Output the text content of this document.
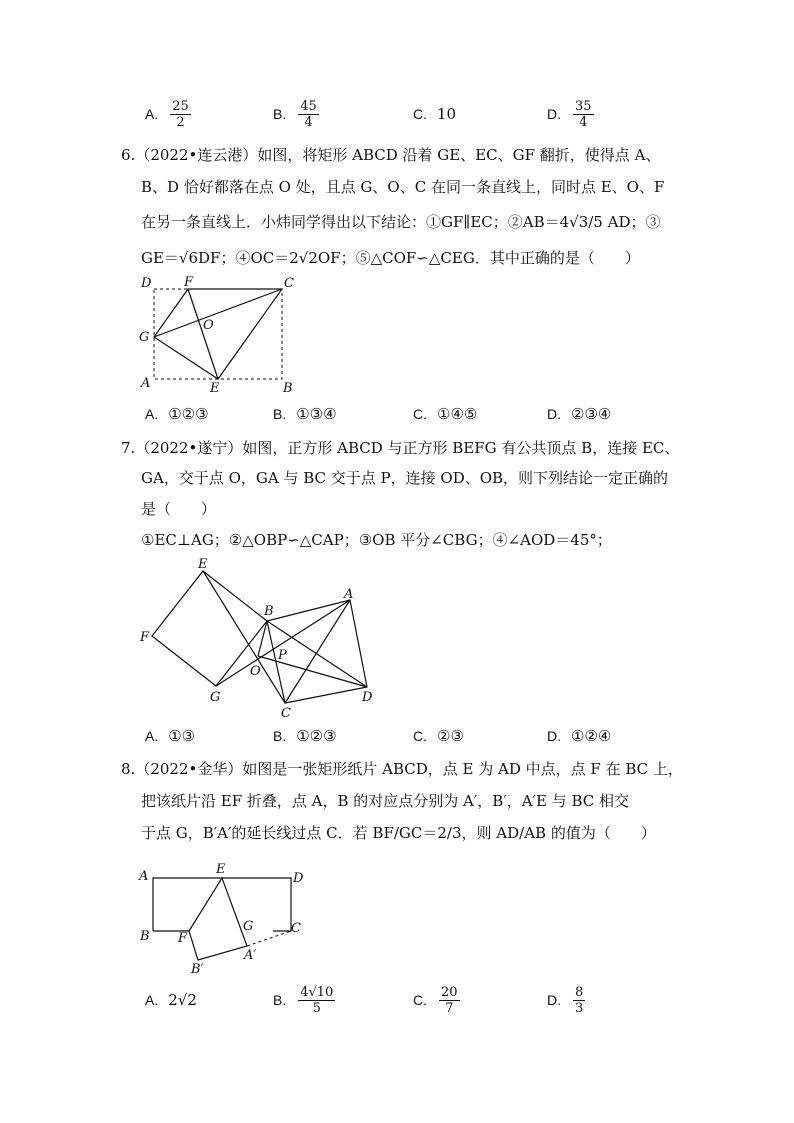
A. $\frac{25}{2}$	B. $\frac{45}{4}$	C. 10	D. $\frac{35}{4}$
6.（2022•连云港）如图，将矩形 ABCD 沿着 GE、EC、GF 翻折，使得点 A、
B、D 恰好都落在点 O 处，且点 G、O、C 在同一条直线上，同时点 E、O、F
在另一条直线上．小炜同学得出以下结论：①GF∥EC；②AB＝4√3/5 AD；③
GE＝√6DF；④OC＝2√2OF；⑤△COF∽△CEG．其中正确的是（　　）
D	F	C
G
O
A	E	B
A. ①②③	B. ①③④	C. ①④⑤	D. ②③④
7.（2022•遂宁）如图，正方形 ABCD 与正方形 BEFG 有公共顶点 B，连接 EC、
GA，交于点 O，GA 与 BC 交于点 P，连接 OD、OB，则下列结论一定正确的
是（　　）
①EC⊥AG；②△OBP∽△CAP；③OB 平分∠CBG；④∠AOD＝45°；
E
F
B
A
P
O
G
C
D
A. ①③	B. ①②③	C. ②③	D. ①②④
8.（2022•金华）如图是一张矩形纸片 ABCD，点 E 为 AD 中点，点 F 在 BC 上，
把该纸片沿 EF 折叠，点 A，B 的对应点分别为 A′，B′，A′E 与 BC 相交
于点 G，B′A′的延长线过点 C．若 BF/GC＝2/3，则 AD/AB 的值为（　　）
A	E
D
G
B F
C
B′
A′
A. 2√2	B. $\frac{4√10}{5}$	C. $\frac{20}{7}$	D. $\frac{8}{3}$
